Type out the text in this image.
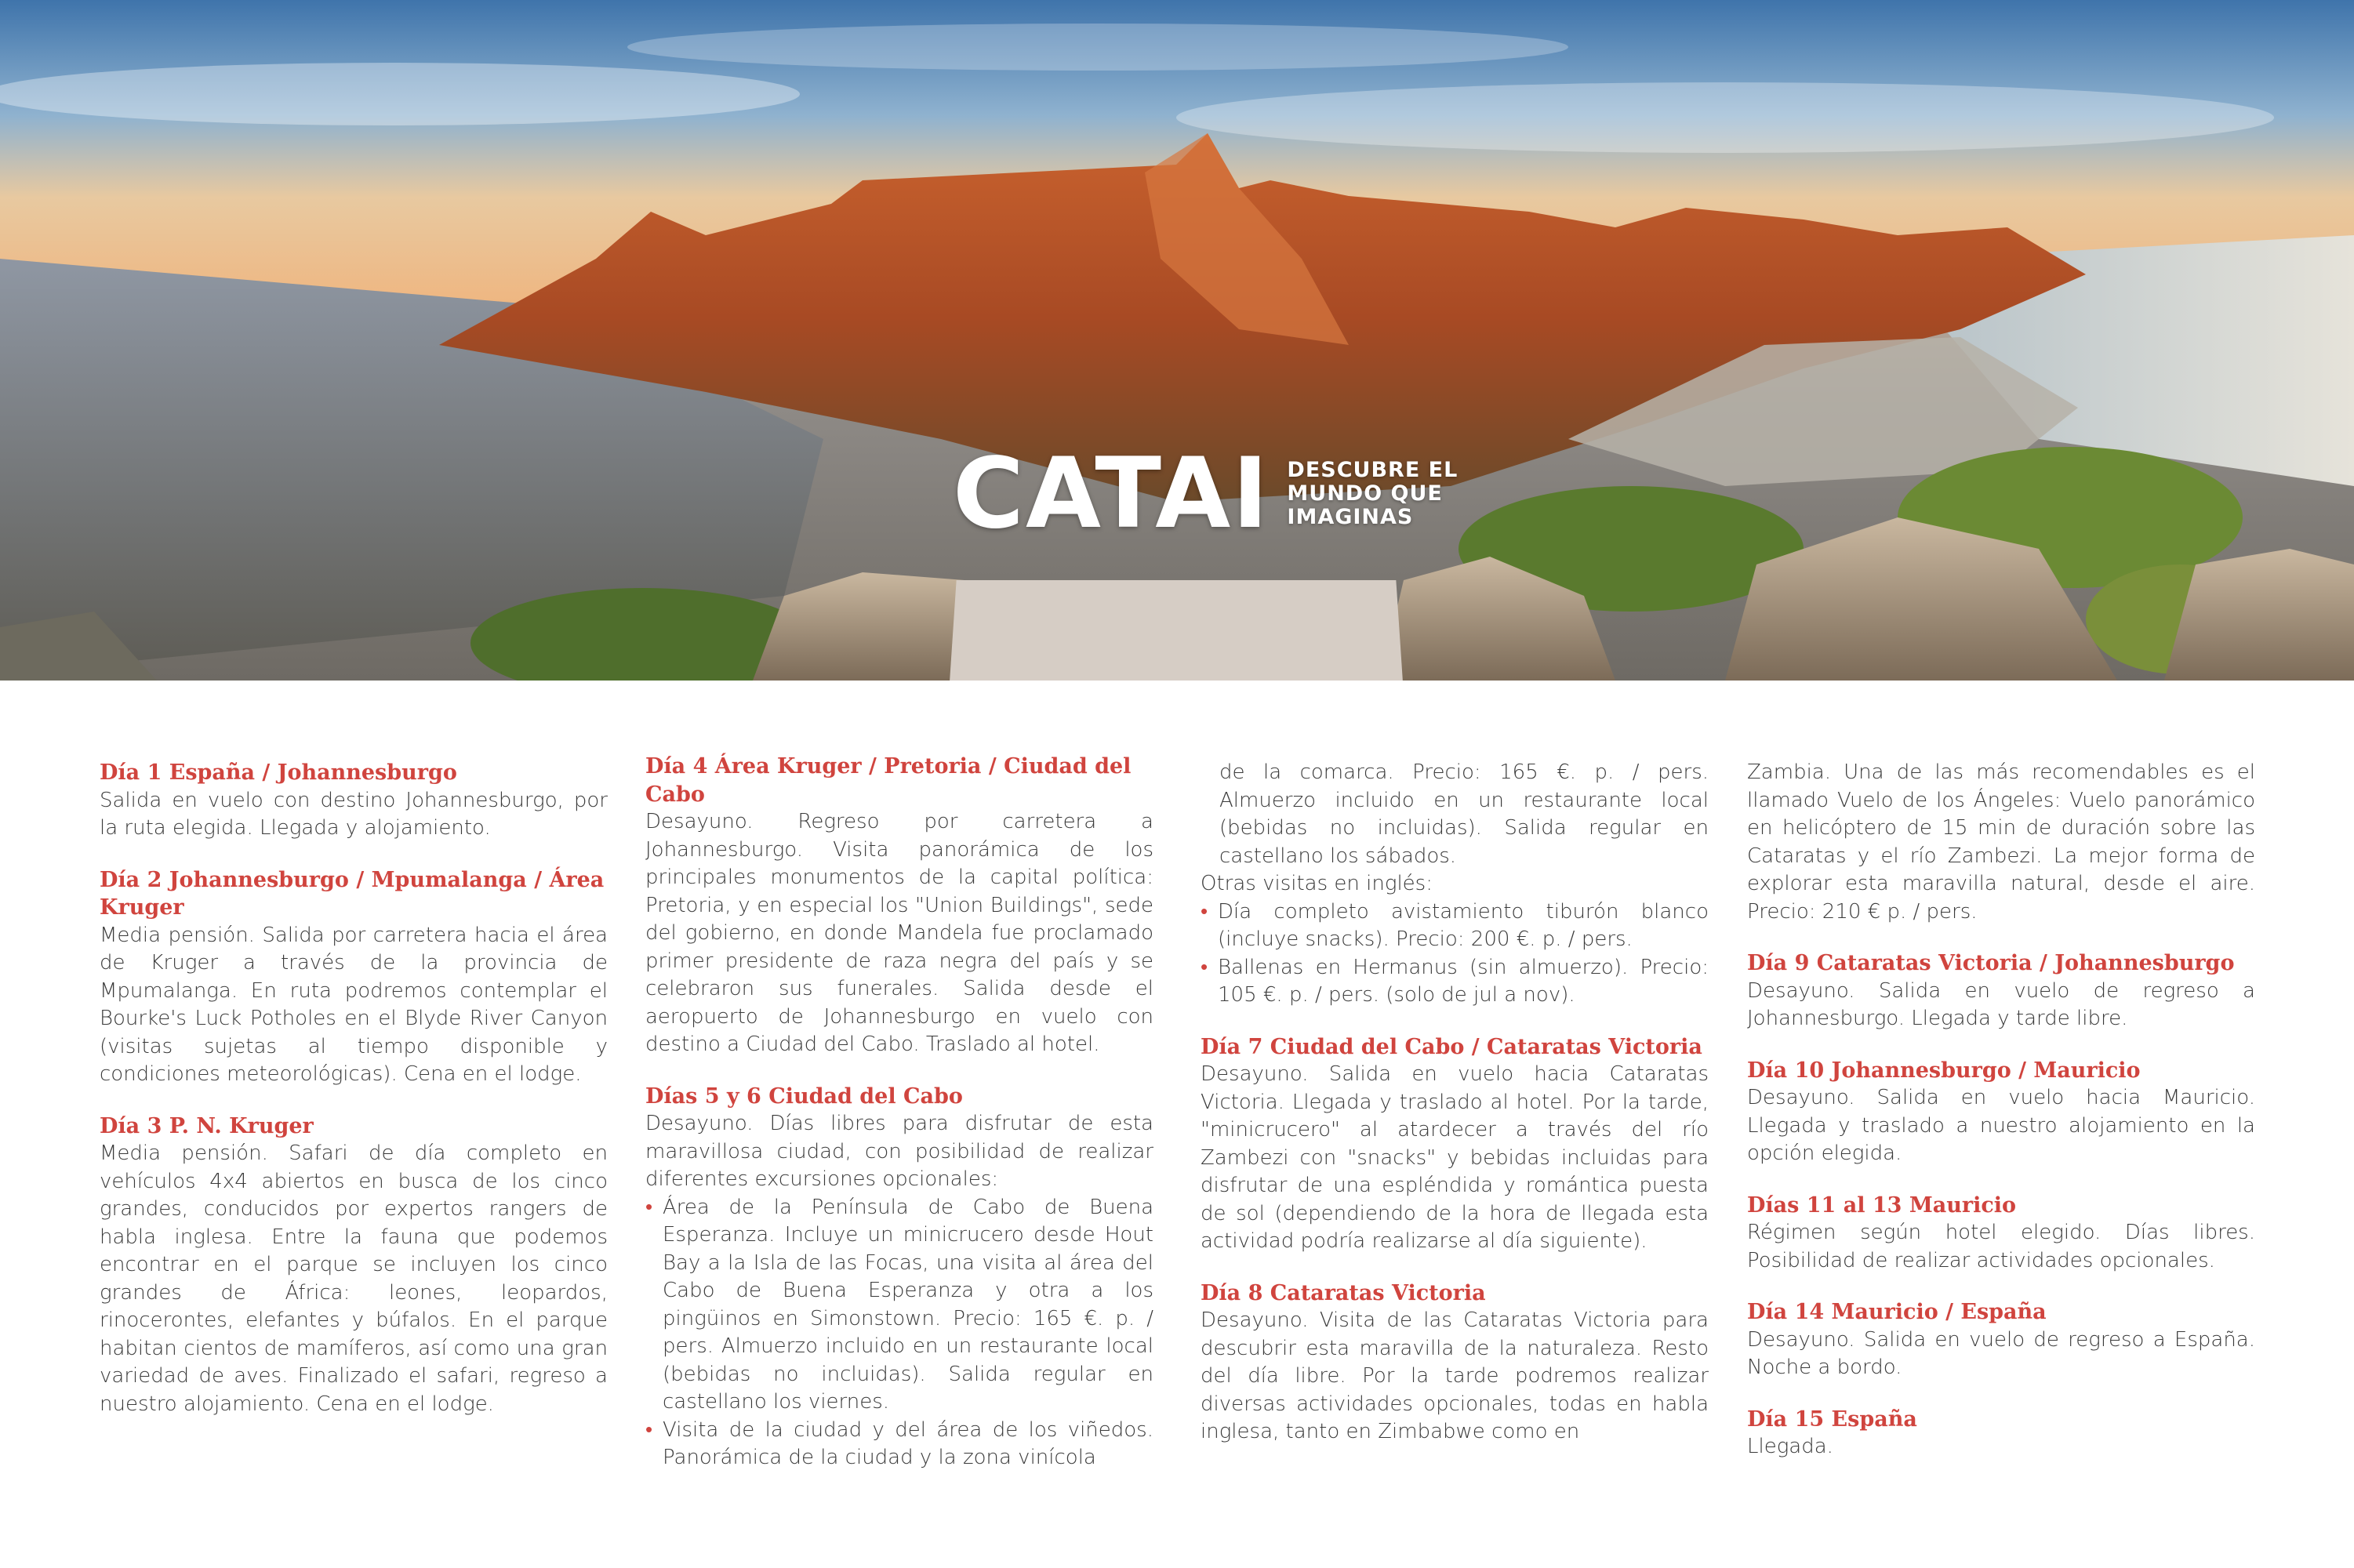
CATAI DESCUBRE EL MUNDO QUE IMAGINAS
Día 1 España / Johannesburgo
Salida en vuelo con destino Johannesburgo, por la ruta elegida. Llegada y alojamiento.
Día 2 Johannesburgo / Mpumalanga / Área Kruger
Media pensión. Salida por carretera hacia el área de Kruger a través de la provincia de Mpumalanga. En ruta podremos contemplar el Bourke's Luck Potholes en el Blyde River Canyon (visitas sujetas al tiempo disponible y condiciones meteorológicas). Cena en el lodge.
Día 3 P. N. Kruger
Media pensión. Safari de día completo en vehículos 4x4 abiertos en busca de los cinco grandes, conducidos por expertos rangers de habla inglesa. Entre la fauna que podemos encontrar en el parque se incluyen los cinco grandes de África: leones, leopardos, rinocerontes, elefantes y búfalos. En el parque habitan cientos de mamíferos, así como una gran variedad de aves. Finalizado el safari, regreso a nuestro alojamiento. Cena en el lodge.
Día 4 Área Kruger / Pretoria / Ciudad del Cabo
Desayuno. Regreso por carretera a Johannesburgo. Visita panorámica de los principales monumentos de la capital política: Pretoria, y en especial los "Union Buildings", sede del gobierno, en donde Mandela fue proclamado primer presidente de raza negra del país y se celebraron sus funerales. Salida desde el aeropuerto de Johannesburgo en vuelo con destino a Ciudad del Cabo. Traslado al hotel.
Días 5 y 6 Ciudad del Cabo
Desayuno. Días libres para disfrutar de esta maravillosa ciudad, con posibilidad de realizar diferentes excursiones opcionales:
• Área de la Península de Cabo de Buena Esperanza. Incluye un minicrucero desde Hout Bay a la Isla de las Focas, una visita al área del Cabo de Buena Esperanza y otra a los pingüinos en Simonstown. Precio: 165 €. p. / pers. Almuerzo incluido en un restaurante local (bebidas no incluidas). Salida regular en castellano los viernes.
• Visita de la ciudad y del área de los viñedos. Panorámica de la ciudad y la zona vinícola
de la comarca. Precio: 165 €. p. / pers. Almuerzo incluido en un restaurante local (bebidas no incluidas). Salida regular en castellano los sábados.
Otras visitas en inglés:
• Día completo avistamiento tiburón blanco (incluye snacks). Precio: 200 €. p. / pers.
• Ballenas en Hermanus (sin almuerzo). Precio: 105 €. p. / pers. (solo de jul a nov).
Día 7 Ciudad del Cabo / Cataratas Victoria
Desayuno. Salida en vuelo hacia Cataratas Victoria. Llegada y traslado al hotel. Por la tarde, "minicrucero" al atardecer a través del río Zambezi con "snacks" y bebidas incluidas para disfrutar de una espléndida y romántica puesta de sol (dependiendo de la hora de llegada esta actividad podría realizarse al día siguiente).
Día 8 Cataratas Victoria
Desayuno. Visita de las Cataratas Victoria para descubrir esta maravilla de la naturaleza. Resto del día libre. Por la tarde podremos realizar diversas actividades opcionales, todas en habla inglesa, tanto en Zimbabwe como en
Zambia. Una de las más recomendables es el llamado Vuelo de los Ángeles: Vuelo panorámico en helicóptero de 15 min de duración sobre las Cataratas y el río Zambezi. La mejor forma de explorar esta maravilla natural, desde el aire. Precio: 210 € p. / pers.
Día 9 Cataratas Victoria / Johannesburgo
Desayuno. Salida en vuelo de regreso a Johannesburgo. Llegada y tarde libre.
Día 10 Johannesburgo / Mauricio
Desayuno. Salida en vuelo hacia Mauricio. Llegada y traslado a nuestro alojamiento en la opción elegida.
Días 11 al 13 Mauricio
Régimen según hotel elegido. Días libres. Posibilidad de realizar actividades opcionales.
Día 14 Mauricio / España
Desayuno. Salida en vuelo de regreso a España. Noche a bordo.
Día 15 España
Llegada.
